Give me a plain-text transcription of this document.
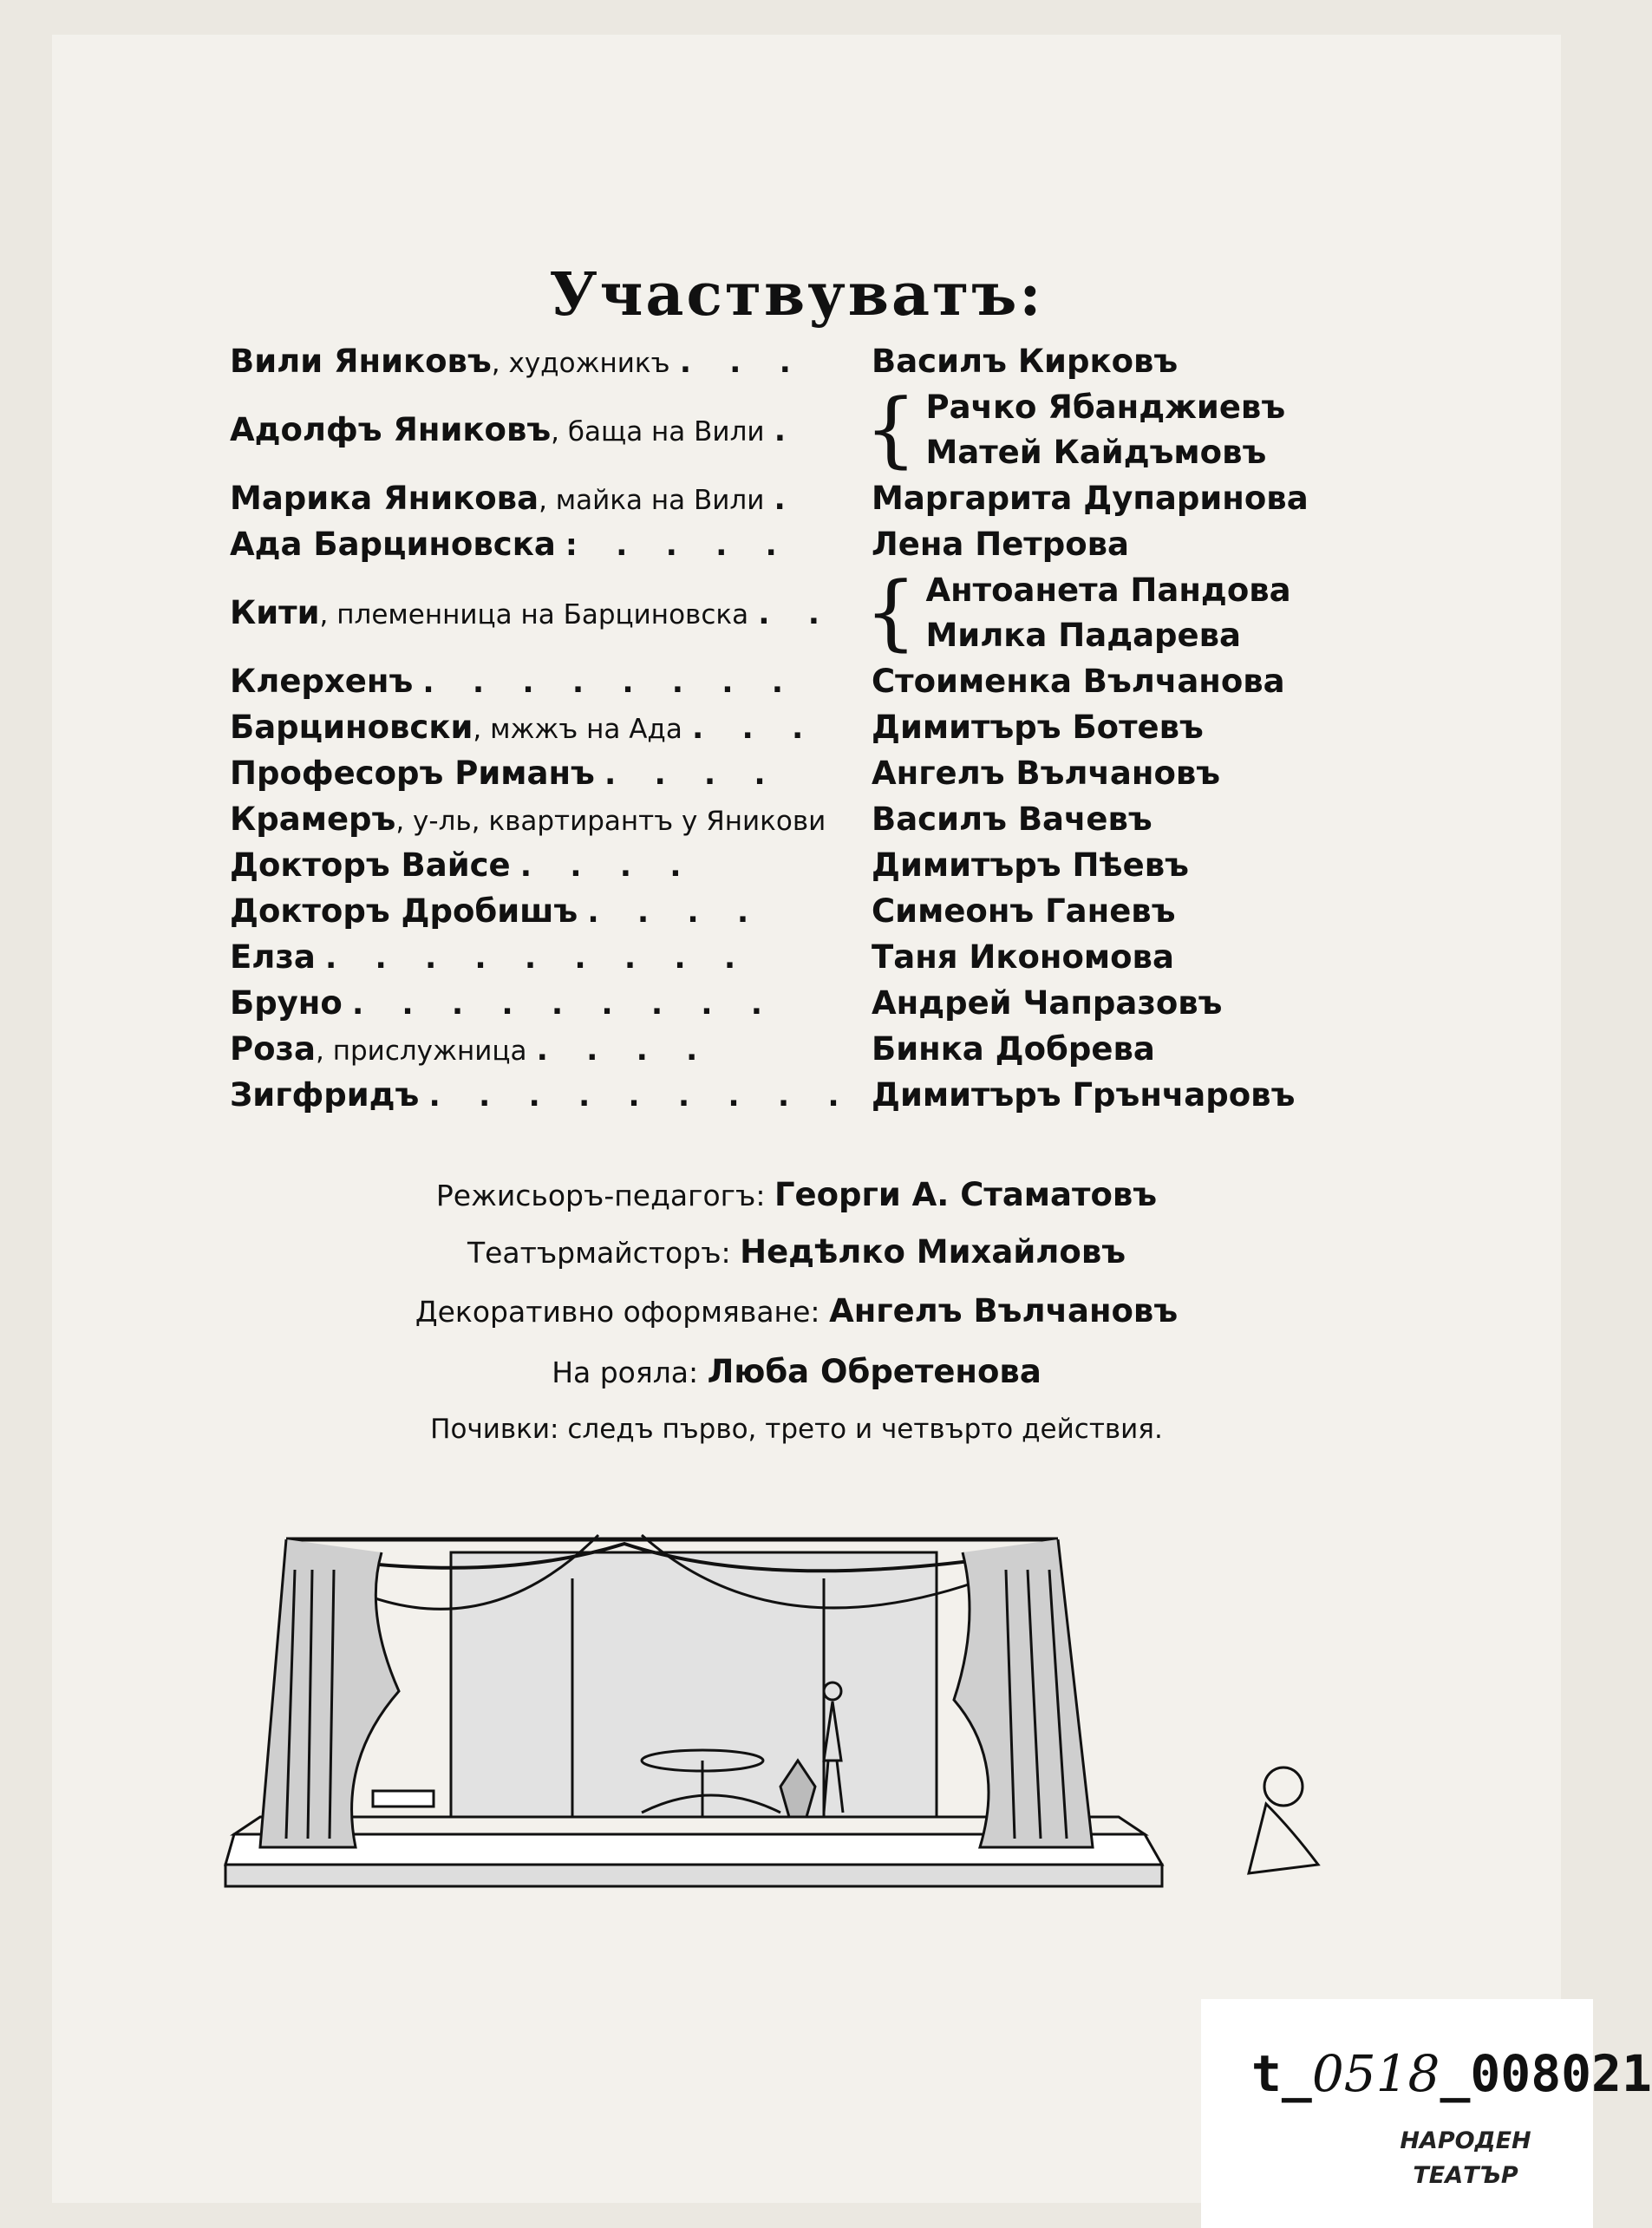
Участвуватъ:
Вили Яниковъ, художникъ . . .	Василъ Кирковъ
Адолфъ Яниковъ, баща на Вили . { Рачко Ябанджиевъ
Матей Кайдъмовъ
Марика Яникова, майка на Вили .	Маргарита Дупаринова
Ада Барциновска : . . . .	Лена Петрова
Кити, племенница на Барциновска . . { Антоанета Пандова
Милка Падарева
Клерхенъ . . . . . . . .	Стоименка Вълчанова
Барциновски, мжжъ на Ада . . .	Димитъръ Ботевъ
Професоръ Риманъ . . . .	Ангелъ Вълчановъ
Крамеръ, у-ль, квартирантъ у Яникови	Василъ Вачевъ
Докторъ Вайсе . . . .	Димитъръ Пѣевъ
Докторъ Дробишъ . . . .	Симеонъ Ганевъ
Елза . . . . . . . . .	Таня Икономова
Бруно . . . . . . . . .	Андрей Чапразовъ
Роза, прислужница . . . .	Бинка Добрева
Зигфридъ . . . . . . . . . Димитъръ Грънчаровъ
Режисьоръ-педагогъ: Георги А. Стаматовъ
Театърмайсторъ: Недѣлко Михайловъ
Декоративно оформяване: Ангелъ Вълчановъ
На рояла: Люба Обретенова
Почивки: следъ първо, трето и четвърто действия.
t_0518_008021
НАРОДЕН
ТЕАТЪР
